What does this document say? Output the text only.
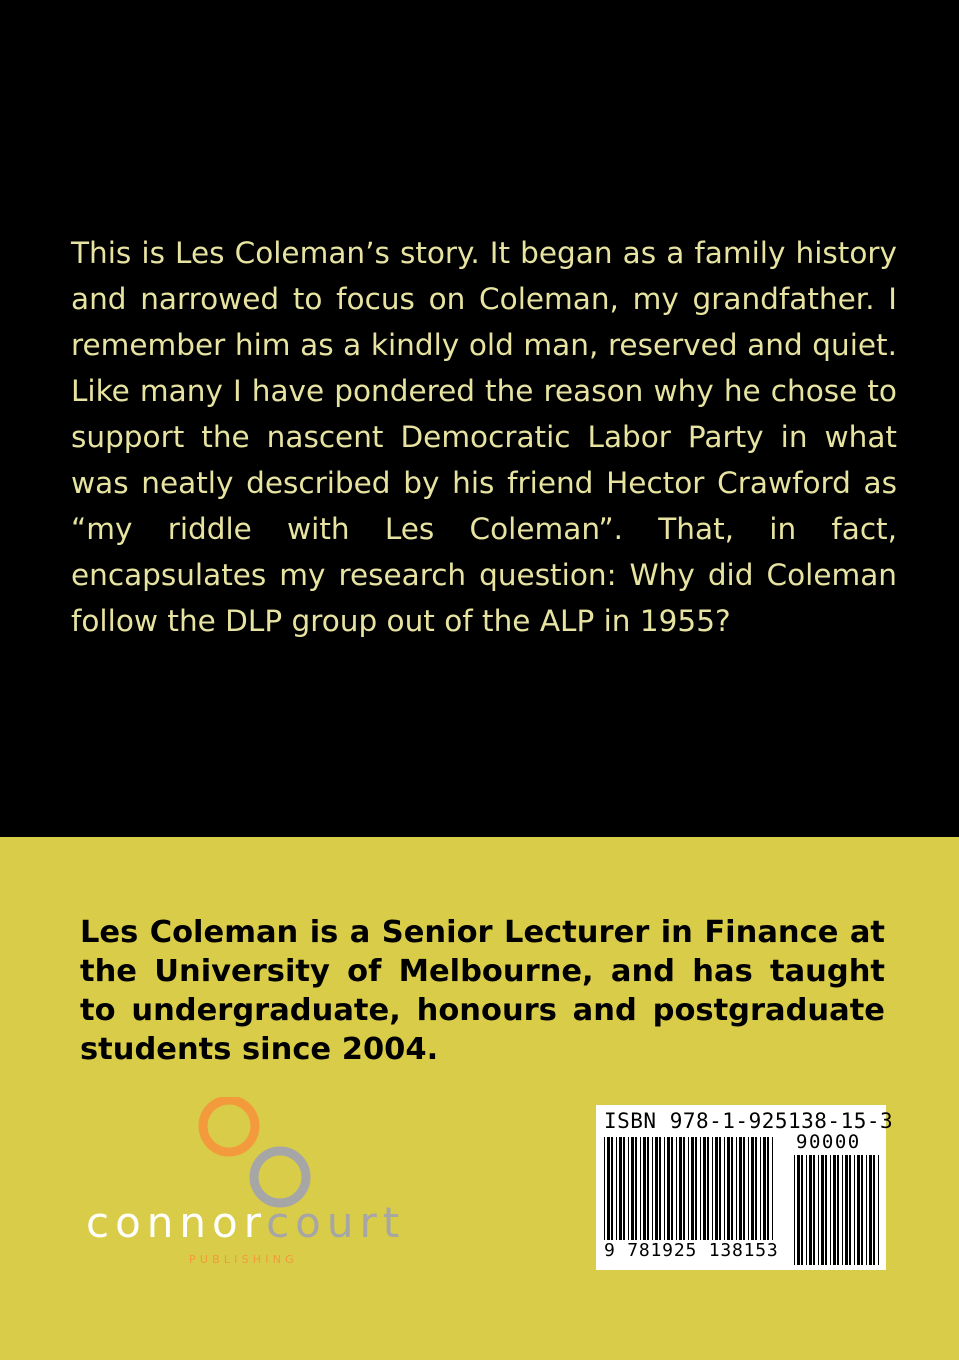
This is Les Coleman’s story. It began as a family history and narrowed to focus on Coleman, my grandfather. I remember him as a kindly old man, reserved and quiet. Like many I have pondered the reason why he chose to support the nascent Democratic Labor Party in what was neatly described by his friend Hector Crawford as “my riddle with Les Coleman”. That, in fact, encapsulates my research question: Why did Coleman follow the DLP group out of the ALP in 1955?

Les Coleman is a Senior Lecturer in Finance at the University of Melbourne, and has taught to undergraduate, honours and postgraduate students since 2004.

connorcourt
PUBLISHING
ISBN 978-1-925138-15-3
90000
9 781925 138153
